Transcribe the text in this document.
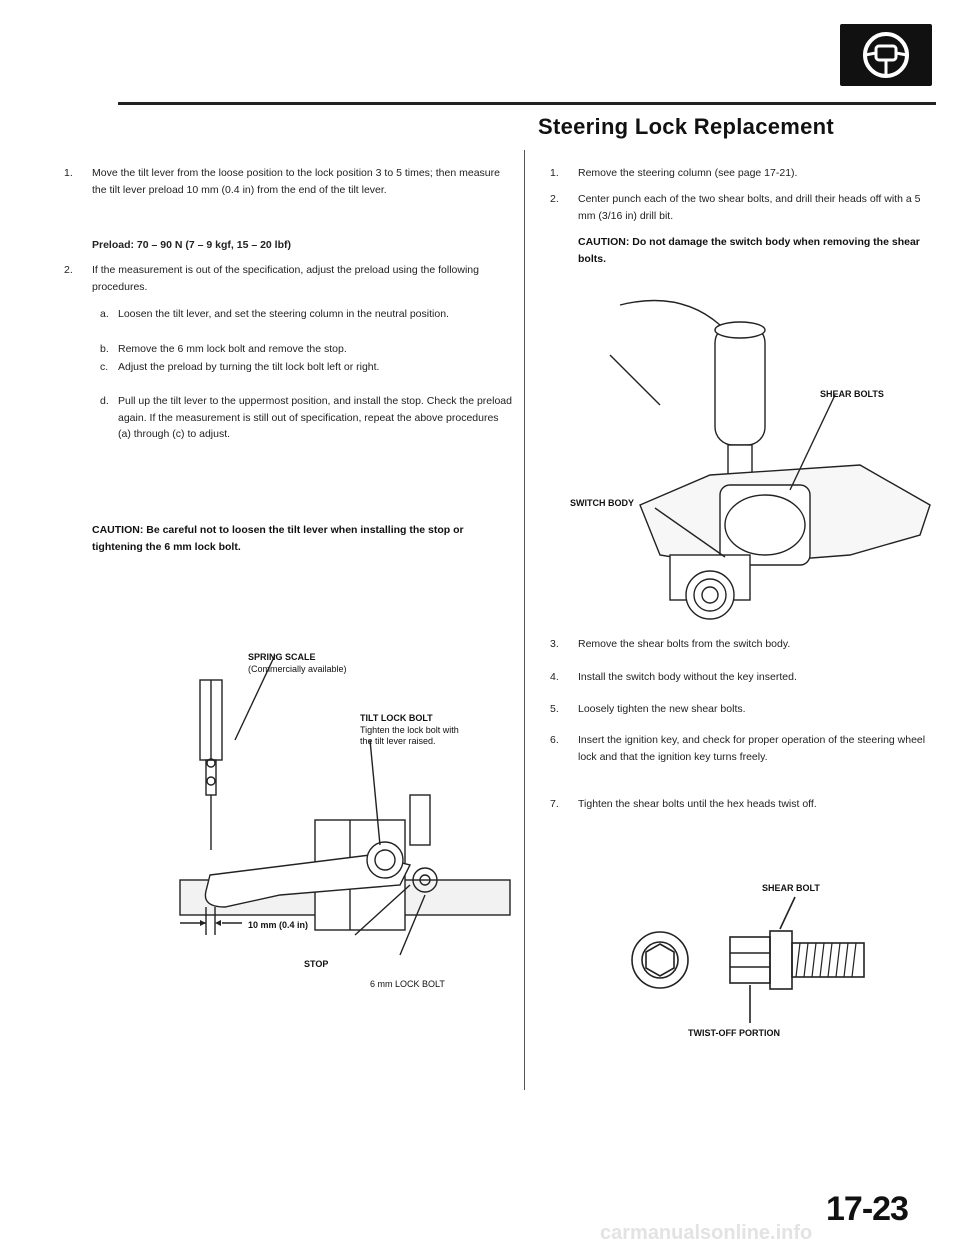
Steering Lock Replacement
1. Move the tilt lever from the loose position to the lock position 3 to 5 times; then measure the tilt lever preload 10 mm (0.4 in) from the end of the tilt lever.
Preload: 70 – 90 N (7 – 9 kgf, 15 – 20 lbf)
2. If the measurement is out of the specification, adjust the preload using the following procedures.
a. Loosen the tilt lever, and set the steering column in the neutral position.
b. Remove the 6 mm lock bolt and remove the stop.
c. Adjust the preload by turning the tilt lock bolt left or right.
d. Pull up the tilt lever to the uppermost position, and install the stop. Check the preload again. If the measurement is still out of specification, repeat the above procedures (a) through (c) to adjust.
CAUTION: Be careful not to loosen the tilt lever when installing the stop or tightening the 6 mm lock bolt.
SPRING SCALE
(Commercially available)
TILT LOCK BOLT
Tighten the lock bolt with
the tilt lever raised.
10 mm (0.4 in)
STOP
6 mm LOCK BOLT
1. Remove the steering column (see page 17-21).
2. Center punch each of the two shear bolts, and drill their heads off with a 5 mm (3/16 in) drill bit.
CAUTION: Do not damage the switch body when removing the shear bolts.
SHEAR BOLTS
SWITCH BODY
3. Remove the shear bolts from the switch body.
4. Install the switch body without the key inserted.
5. Loosely tighten the new shear bolts.
6. Insert the ignition key, and check for proper operation of the steering wheel lock and that the ignition key turns freely.
7. Tighten the shear bolts until the hex heads twist off.
SHEAR BOLT
TWIST-OFF PORTION
17-23
carmanualsonline.info
